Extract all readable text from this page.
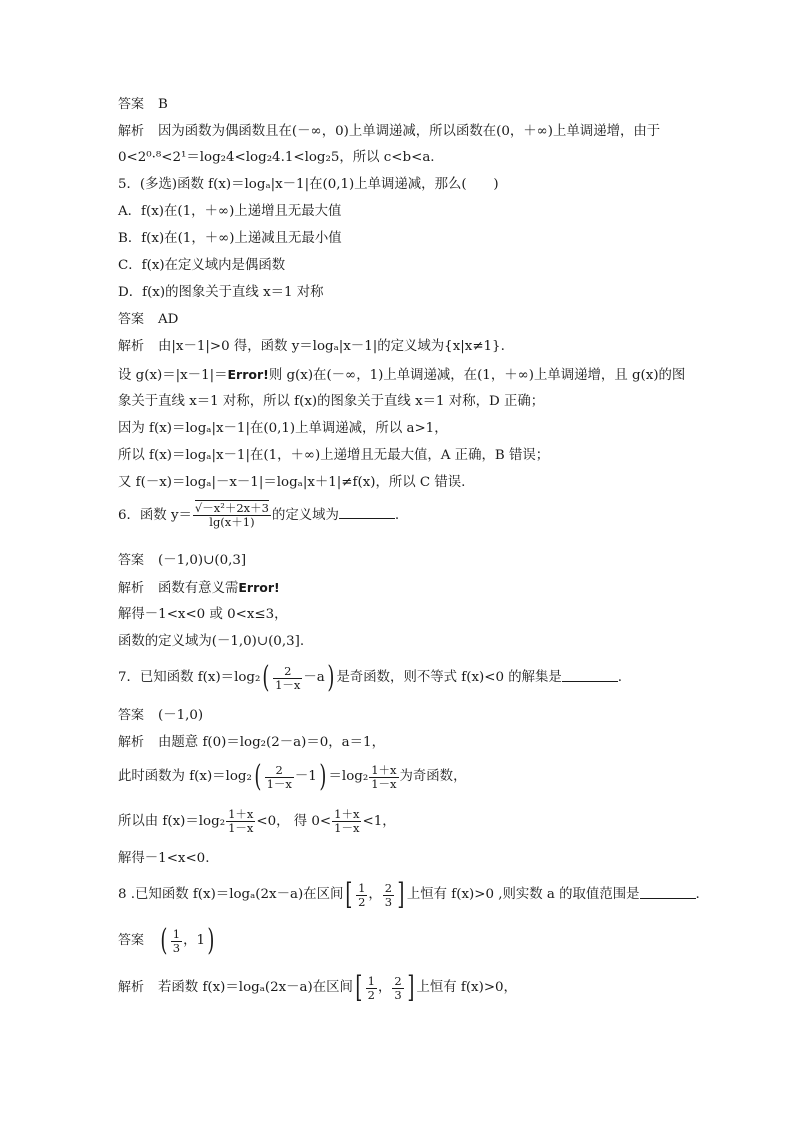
答案 B
解析 因为函数为偶函数且在(－∞，0)上单调递减，所以函数在(0，＋∞)上单调递增，由于
0<2⁰·⁸<2¹＝log₂4<log₂4.1<log₂5，所以 c<b<a.
5．(多选)函数 f(x)＝logₐ|x－1|在(0,1)上单调递减，那么(　　)
A．f(x)在(1，＋∞)上递增且无最大值
B．f(x)在(1，＋∞)上递减且无最小值
C．f(x)在定义域内是偶函数
D．f(x)的图象关于直线 x＝1 对称
答案 AD
解析 由|x－1|>0 得，函数 y＝logₐ|x－1|的定义域为{x|x≠1}.
设 g(x)＝|x－1|＝Error!则 g(x)在(－∞，1)上单调递减，在(1，＋∞)上单调递增，且 g(x)的图
象关于直线 x＝1 对称，所以 f(x)的图象关于直线 x＝1 对称，D 正确；
因为 f(x)＝logₐ|x－1|在(0,1)上单调递减，所以 a>1，
所以 f(x)＝logₐ|x－1|在(1，＋∞)上递增且无最大值，A 正确，B 错误；
又 f(－x)＝logₐ|－x－1|＝logₐ|x＋1|≠f(x)，所以 C 错误.
6．函数 $y= \frac{\text{√－x²＋2x＋3}}{\lg(x+1)}$ 的定义域为	.
答案 (－1,0)∪(0,3]
解析 函数有意义需Error!
解得－1<x<0 或 0<x≤3，
函数的定义域为(－1,0)∪(0,3].
7．已知函数 $f(x)=\log_2( \frac{2}{1-x} -a)$ 是奇函数，则不等式 f(x)<0 的解集是	.
答案 (－1,0)
解析 由题意 f(0)＝log₂(2－a)＝0，a＝1，
此时函数为 $f(x)=\log_2( \frac{2}{1-x} -1) =\log_2 \frac{1+x}{1-x}$ 为奇函数，
所以由 $f(x)=\log_2 \frac{1+x}{1-x} <0$， 得 $0< \frac{1+x}{1-x} <1$，
解得－1<x<0.
8 .已知函数 f(x)＝logₐ(2x－a)在区间[ $\frac{1}{2}$ ， $\frac{2}{3}$ ] 上恒有 f(x)>0 ,则实数 a 的取值范围是	.
答案 ( $\frac{1}{3}$ ，1)
解析 若函数 f(x)＝logₐ(2x－a)在区间[ $\frac{1}{2}$ ， $\frac{2}{3}$ ] 上恒有 f(x)>0，
